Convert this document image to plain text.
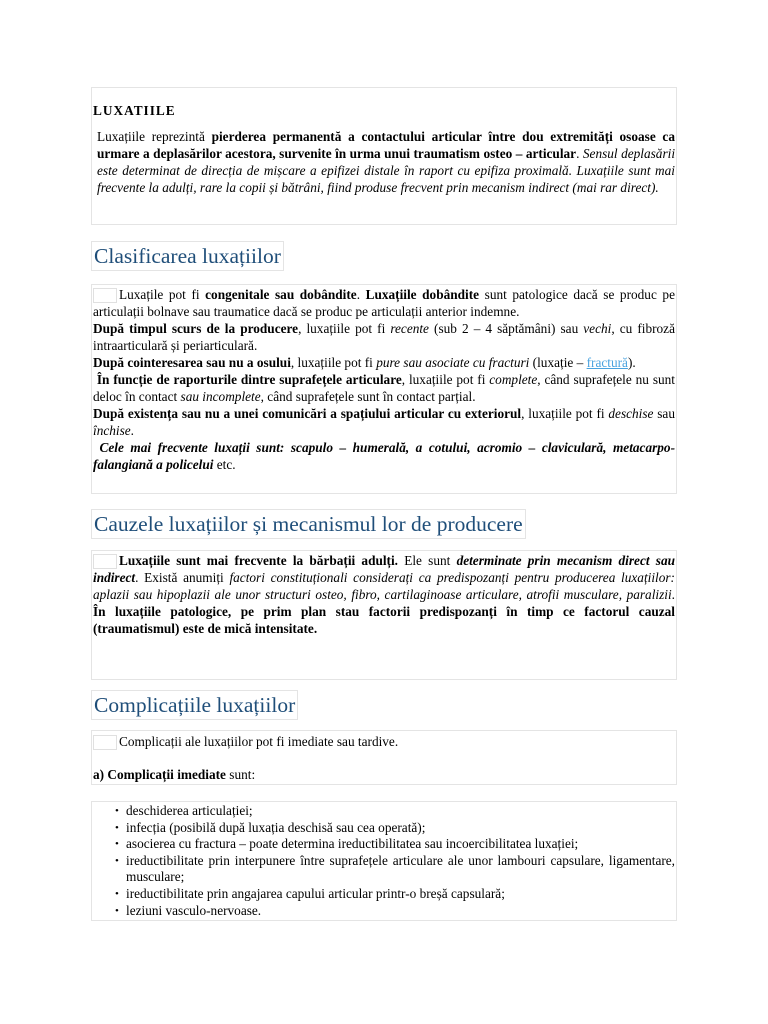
LUXATIILE

Luxațiile reprezintă pierderea permanentă a contactului articular între dou extremități osoase ca urmare a deplasărilor acestora, survenite în urma unui traumatism osteo – articular. Sensul deplasării este determinat de direcția de mișcare a epifizei distale în raport cu epifiza proximală. Luxațiile sunt mai frecvente la adulți, rare la copii și bătrâni, fiind produse frecvent prin mecanism indirect (mai rar direct).

Clasificarea luxațiilor

Luxațile pot fi congenitale sau dobândite. Luxațiile dobândite sunt patologice dacă se produc pe articulații bolnave sau traumatice dacă se produc pe articulații anterior indemne.

După timpul scurs de la producere, luxațiile pot fi recente (sub 2 – 4 săptămâni) sau vechi, cu fibroză intraarticulară și periarticulară.

După cointeresarea sau nu a osului, luxațiile pot fi pure sau asociate cu fracturi (luxație – fractură).

În funcție de raporturile dintre suprafețele articulare, luxațiile pot fi complete, când suprafețele nu sunt deloc în contact sau incomplete, când suprafețele sunt în contact parțial.

După existența sau nu a unei comunicări a spațiului articular cu exteriorul, luxațiile pot fi deschise sau închise.

Cele mai frecvente luxații sunt: scapulo – humerală, a cotului, acromio – claviculară, metacarpo-falangiană a policelui etc.

Cauzele luxațiilor și mecanismul lor de producere

Luxațiile sunt mai frecvente la bărbații adulți. Ele sunt determinate prin mecanism direct sau indirect. Există anumiți factori constituționali considerați ca predispozanți pentru producerea luxațiilor: aplazii sau hipoplazii ale unor structuri osteo, fibro, cartilaginoase articulare, atrofii musculare, paralizii. În luxațiile patologice, pe prim plan stau factorii predispozanți în timp ce factorul cauzal (traumatismul) este de mică intensitate.

Complicațiile luxațiilor

Complicații ale luxațiilor pot fi imediate sau tardive.

a) Complicații imediate sunt:

• deschiderea articulației;
• infecția (posibilă după luxația deschisă sau cea operată);
• asocierea cu fractura – poate determina ireductibilitatea sau incoercibilitatea luxației;
• ireductibilitate prin interpunere între suprafețele articulare ale unor lambouri capsulare, ligamentare, musculare;
• ireductibilitate prin angajarea capului articular printr-o breșă capsulară;
• leziuni vasculo-nervoase.
